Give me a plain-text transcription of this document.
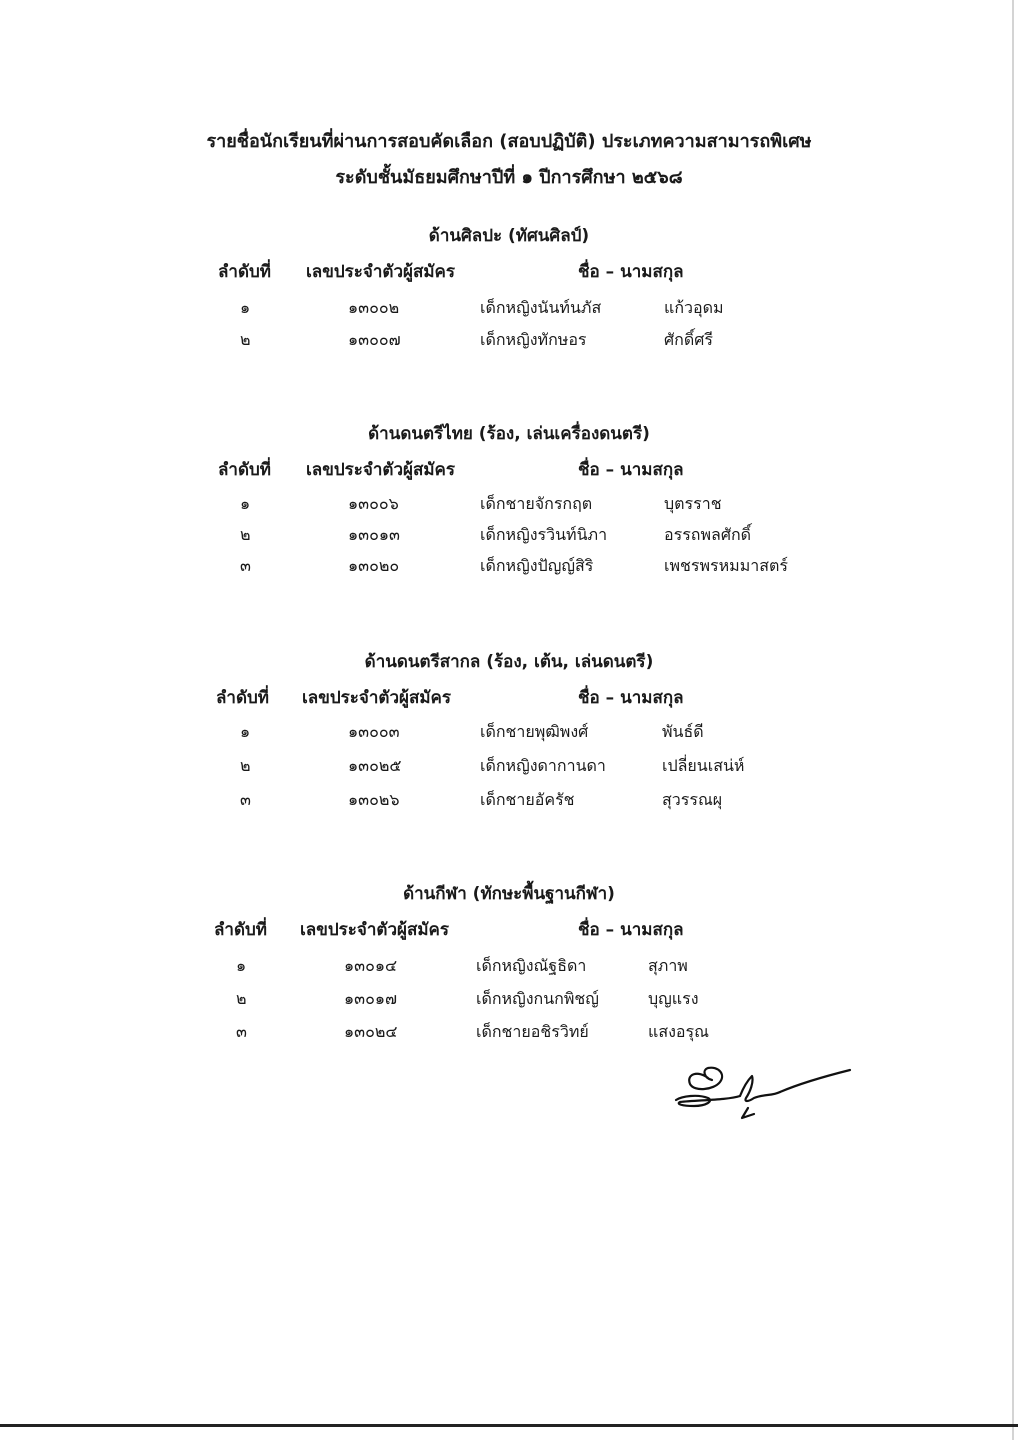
รายชื่อนักเรียนที่ผ่านการสอบคัดเลือก (สอบปฏิบัติ) ประเภทความสามารถพิเศษ
ระดับชั้นมัธยมศึกษาปีที่ ๑ ปีการศึกษา ๒๕๖๘
ด้านศิลปะ (ทัศนศิลป์)
ลำดับที่ เลขประจำตัวผู้สมัคร	ชื่อ – นามสกุล
๑	๑๓๐๐๒	เด็กหญิงนันท์นภัส	แก้วอุดม
๒	๑๓๐๐๗	เด็กหญิงทักษอร	ศักดิ์ศรี
ด้านดนตรีไทย (ร้อง, เล่นเครื่องดนตรี)
ลำดับที่ เลขประจำตัวผู้สมัคร	ชื่อ – นามสกุล
๑	๑๓๐๐๖	เด็กชายจักรกฤต	บุตรราช
๒	๑๓๐๑๓	เด็กหญิงรวินท์นิภา	อรรถพลศักดิ์
๓	๑๓๐๒๐	เด็กหญิงปัญญ์สิริ	เพชรพรหมมาสตร์
ด้านดนตรีสากล (ร้อง, เต้น, เล่นดนตรี)
ลำดับที่ เลขประจำตัวผู้สมัคร	ชื่อ – นามสกุล
๑	๑๓๐๐๓	เด็กชายพุฒิพงศ์	พันธ์ดี
๒	๑๓๐๒๕	เด็กหญิงดากานดา	เปลี่ยนเสน่ห์
๓	๑๓๐๒๖	เด็กชายอัครัช	สุวรรณผุ
ด้านกีฬา (ทักษะพื้นฐานกีฬา)
ลำดับที่ เลขประจำตัวผู้สมัคร	ชื่อ – นามสกุล
๑	๑๓๐๑๔	เด็กหญิงณัฐธิดา	สุภาพ
๒	๑๓๐๑๗	เด็กหญิงกนกพิชญ์	บุญแรง
๓	๑๓๐๒๔	เด็กชายอชิรวิทย์	แสงอรุณ
